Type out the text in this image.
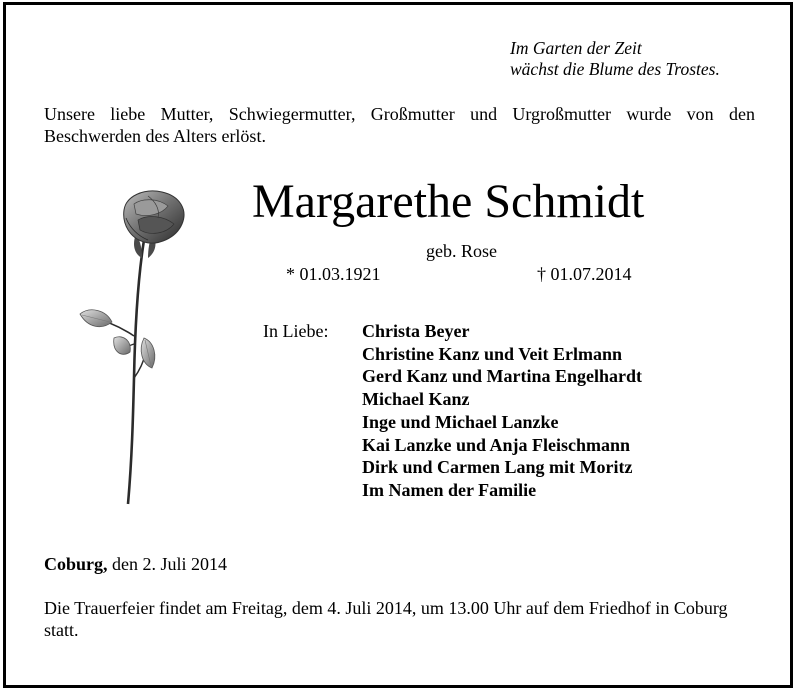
Im Garten der Zeit
wächst die Blume des Trostes.
Unsere liebe Mutter, Schwiegermutter, Großmutter und Urgroßmutter wurde von den Beschwerden des Alters erlöst.
Margarethe Schmidt
geb. Rose
* 01.03.1921	† 01.07.2014
In Liebe: Christa Beyer
Christine Kanz und Veit Erlmann
Gerd Kanz und Martina Engelhardt
Michael Kanz
Inge und Michael Lanzke
Kai Lanzke und Anja Fleischmann
Dirk und Carmen Lang mit Moritz
Im Namen der Familie
Coburg, den 2. Juli 2014
Die Trauerfeier findet am Freitag, dem 4. Juli 2014, um 13.00 Uhr auf dem Friedhof in Coburg statt.
